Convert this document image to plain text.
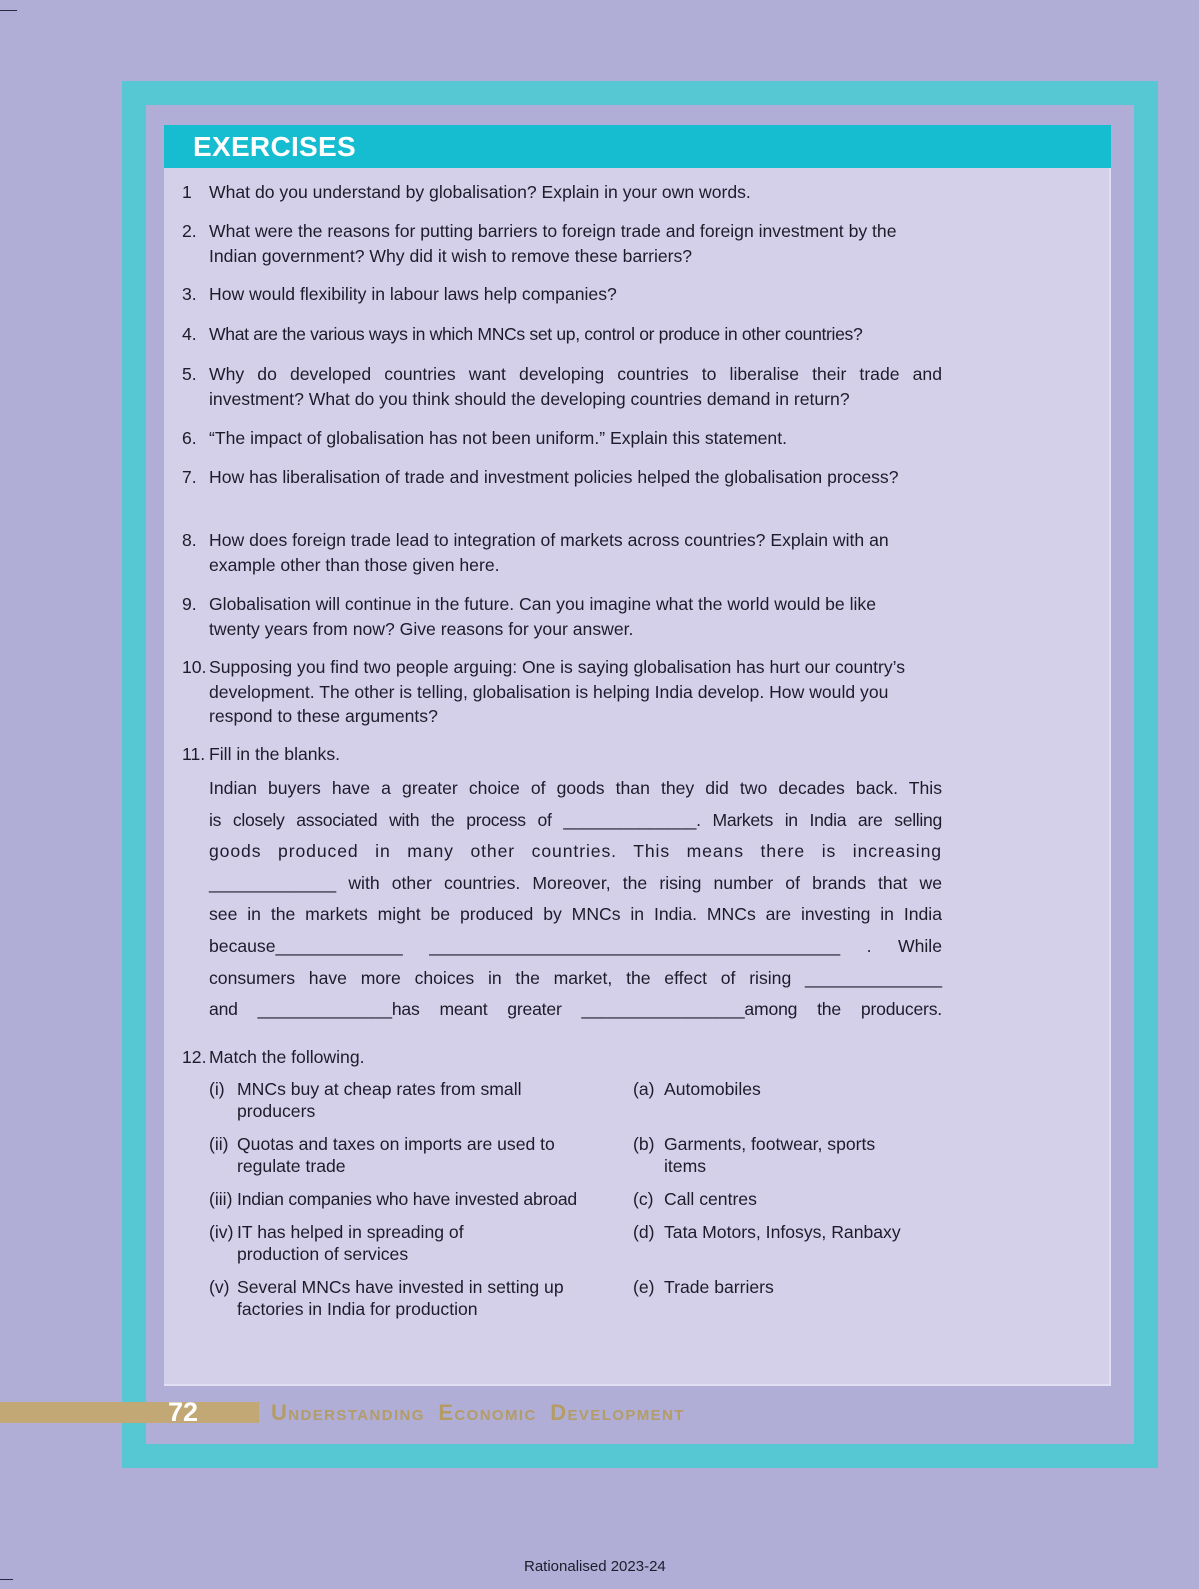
EXERCISES
1 What do you understand by globalisation? Explain in your own words.
2. What were the reasons for putting barriers to foreign trade and foreign investment by the Indian government? Why did it wish to remove these barriers?
3. How would flexibility in labour laws help companies?
4. What are the various ways in which MNCs set up, control or produce in other countries?
5. Why do developed countries want developing countries to liberalise their trade and investment? What do you think should the developing countries demand in return?
6. “The impact of globalisation has not been uniform.” Explain this statement.
7. How has liberalisation of trade and investment policies helped the globalisation process?
8. How does foreign trade lead to integration of markets across countries? Explain with an example other than those given here.
9. Globalisation will continue in the future. Can you imagine what the world would be like twenty years from now? Give reasons for your answer.
10. Supposing you find two people arguing: One is saying globalisation has hurt our country’s development. The other is telling, globalisation is helping India develop. How would you respond to these arguments?
11. Fill in the blanks.
Indian buyers have a greater choice of goods than they did two decades back. This
is closely associated with the process of ______________. Markets in India are selling
goods produced in many other countries. This means there is increasing
_____________ with other countries. Moreover, the rising number of brands that we
see in the markets might be produced by MNCs in India. MNCs are investing in India
because_____________ __________________________________________ . While
consumers have more choices in the market, the effect of rising ______________
and ______________has meant greater _________________among the producers.
12. Match the following.
(i) MNCs buy at cheap rates from small producers
(a) Automobiles
(ii) Quotas and taxes on imports are used to regulate trade
(b) Garments, footwear, sports items
(iii) Indian companies who have invested abroad	(c) Call centres
(iv) IT has helped in spreading of production of services
(d) Tata Motors, Infosys, Ranbaxy
(v) Several MNCs have invested in setting up factories in India for production
(e) Trade barriers
72	Understanding Economic Development
Rationalised 2023-24
